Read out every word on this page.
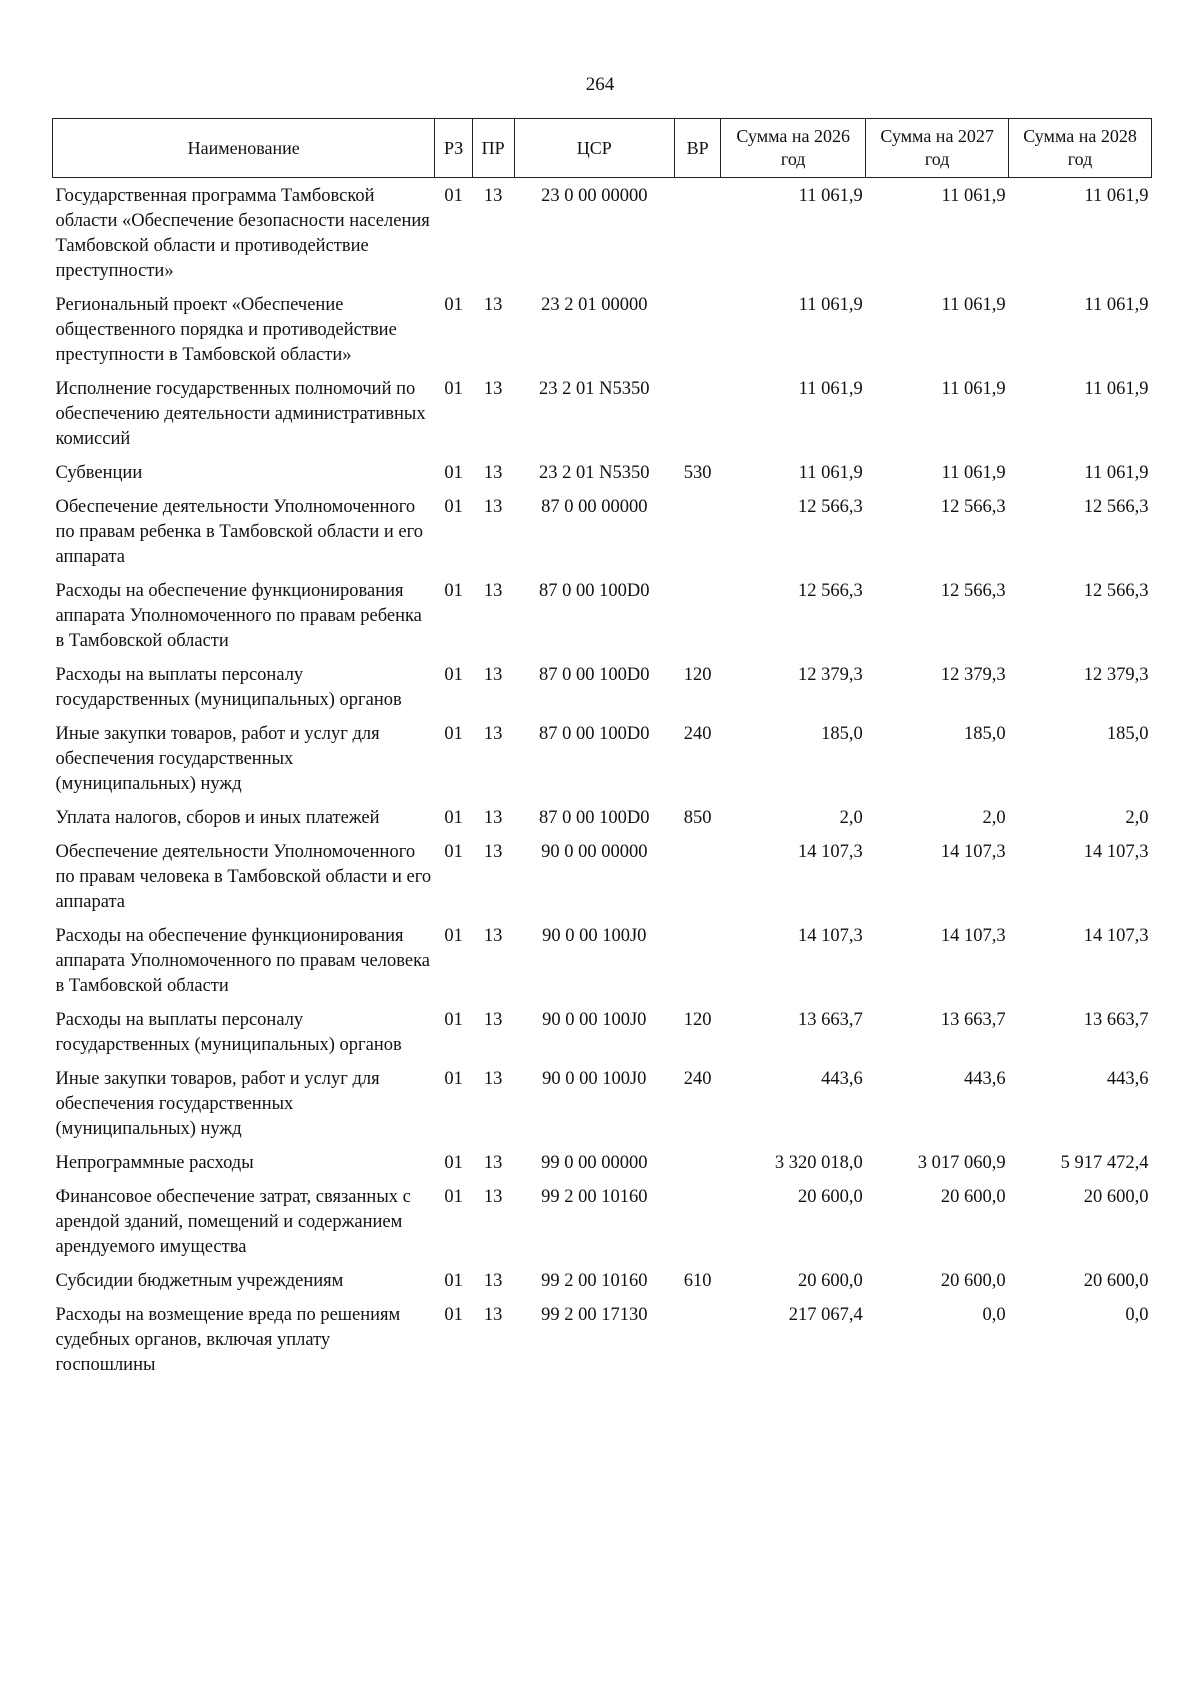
264
Наименование	РЗ	ПР	ЦСР	ВР	Сумма на 2026 год	Сумма на 2027 год	Сумма на 2028 год
Государственная программа Тамбовской области «Обеспечение безопасности населения Тамбовской области и противодействие преступности»	01	13	23 0 00 00000		11 061,9	11 061,9	11 061,9
Региональный проект «Обеспечение общественного порядка и противодействие преступности в Тамбовской области»	01	13	23 2 01 00000		11 061,9	11 061,9	11 061,9
Исполнение государственных полномочий по обеспечению деятельности административных комиссий	01	13	23 2 01 N5350		11 061,9	11 061,9	11 061,9
Субвенции	01	13	23 2 01 N5350	530	11 061,9	11 061,9	11 061,9
Обеспечение деятельности Уполномоченного по правам ребенка в Тамбовской области и его аппарата	01	13	87 0 00 00000		12 566,3	12 566,3	12 566,3
Расходы на обеспечение функционирования аппарата Уполномоченного по правам ребенка в Тамбовской области	01	13	87 0 00 100D0		12 566,3	12 566,3	12 566,3
Расходы на выплаты персоналу государственных (муниципальных) органов	01	13	87 0 00 100D0	120	12 379,3	12 379,3	12 379,3
Иные закупки товаров, работ и услуг для обеспечения государственных (муниципальных) нужд	01	13	87 0 00 100D0	240	185,0	185,0	185,0
Уплата налогов, сборов и иных платежей	01	13	87 0 00 100D0	850	2,0	2,0	2,0
Обеспечение деятельности Уполномоченного по правам человека в Тамбовской области и его аппарата	01	13	90 0 00 00000		14 107,3	14 107,3	14 107,3
Расходы на обеспечение функционирования аппарата Уполномоченного по правам человека в Тамбовской области	01	13	90 0 00 100J0		14 107,3	14 107,3	14 107,3
Расходы на выплаты персоналу государственных (муниципальных) органов	01	13	90 0 00 100J0	120	13 663,7	13 663,7	13 663,7
Иные закупки товаров, работ и услуг для обеспечения государственных (муниципальных) нужд	01	13	90 0 00 100J0	240	443,6	443,6	443,6
Непрограммные расходы	01	13	99 0 00 00000		3 320 018,0	3 017 060,9	5 917 472,4
Финансовое обеспечение затрат, связанных с арендой зданий, помещений и содержанием арендуемого имущества	01	13	99 2 00 10160		20 600,0	20 600,0	20 600,0
Субсидии бюджетным учреждениям	01	13	99 2 00 10160	610	20 600,0	20 600,0	20 600,0
Расходы на возмещение вреда по решениям судебных органов, включая уплату госпошлины	01	13	99 2 00 17130		217 067,4	0,0	0,0
